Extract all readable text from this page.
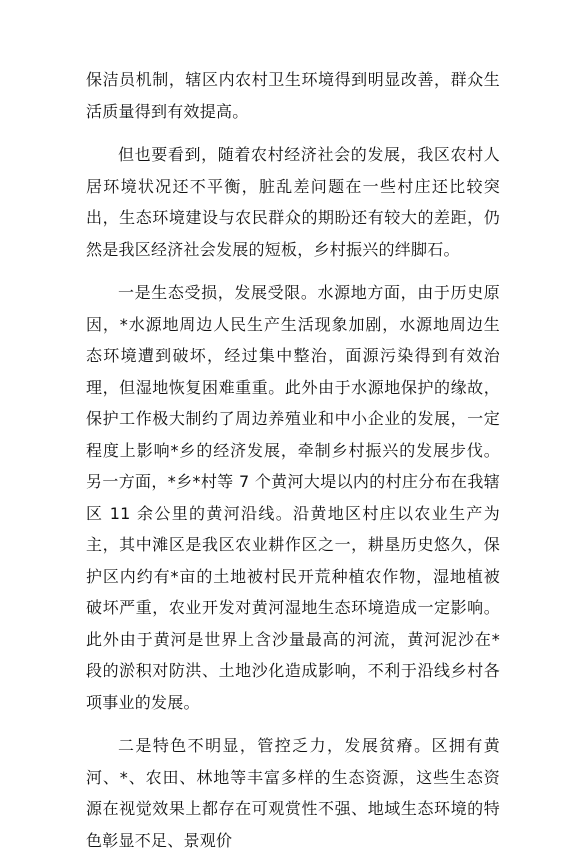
保洁员机制，辖区内农村卫生环境得到明显改善，群众生活质量得到有效提高。

但也要看到，随着农村经济社会的发展，我区农村人居环境状况还不平衡，脏乱差问题在一些村庄还比较突出，生态环境建设与农民群众的期盼还有较大的差距，仍然是我区经济社会发展的短板，乡村振兴的绊脚石。

一是生态受损，发展受限。水源地方面，由于历史原因，*水源地周边人民生产生活现象加剧，水源地周边生态环境遭到破坏，经过集中整治，面源污染得到有效治理，但湿地恢复困难重重。此外由于水源地保护的缘故，保护工作极大制约了周边养殖业和中小企业的发展，一定程度上影响*乡的经济发展，牵制乡村振兴的发展步伐。另一方面，*乡*村等 7 个黄河大堤以内的村庄分布在我辖区 11 余公里的黄河沿线。沿黄地区村庄以农业生产为主，其中滩区是我区农业耕作区之一，耕垦历史悠久，保护区内约有*亩的土地被村民开荒种植农作物，湿地植被破坏严重，农业开发对黄河湿地生态环境造成一定影响。此外由于黄河是世界上含沙量最高的河流，黄河泥沙在*段的淤积对防洪、土地沙化造成影响，不利于沿线乡村各项事业的发展。

二是特色不明显，管控乏力，发展贫瘠。区拥有黄河、*、农田、林地等丰富多样的生态资源，这些生态资源在视觉效果上都存在可观赏性不强、地域生态环境的特色彰显不足、景观价
